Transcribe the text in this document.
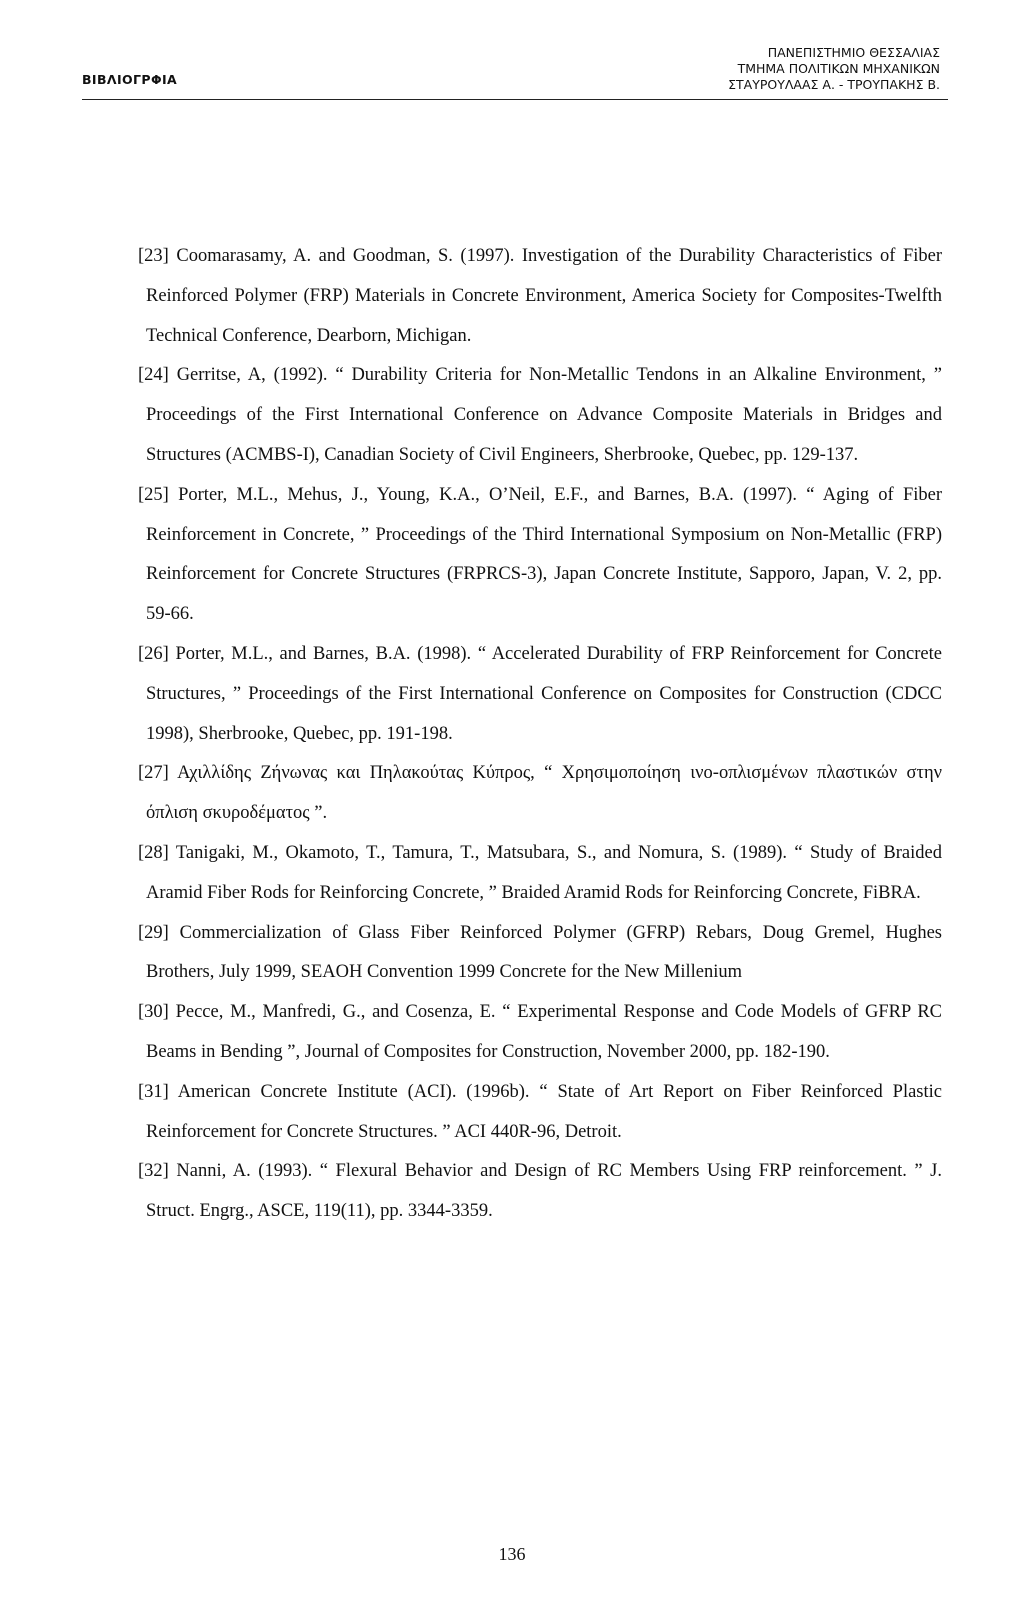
ΒΙΒΛΙΟΓΡΦΙΑ
ΠΑΝΕΠΙΣΤΗΜΙΟ ΘΕΣΣΑΛΙΑΣ
ΤΜΗΜΑ ΠΟΛΙΤΙΚΩΝ ΜΗΧΑΝΙΚΩΝ
ΣΤΑΥΡΟΥΛΑΑΣ Α. - ΤΡΟΥΠΑΚΗΣ Β.

[23] Coomarasamy, A. and Goodman, S. (1997). Investigation of the Durability Characteristics of Fiber Reinforced Polymer (FRP) Materials in Concrete Environment, America Society for Composites-Twelfth Technical Conference, Dearborn, Michigan.

[24] Gerritse, A, (1992). “ Durability Criteria for Non-Metallic Tendons in an Alkaline Environment, ” Proceedings of the First International Conference on Advance Composite Materials in Bridges and Structures (ACMBS-I), Canadian Society of Civil Engineers, Sherbrooke, Quebec, pp. 129-137.

[25] Porter, M.L., Mehus, J., Young, K.A., O’Neil, E.F., and Barnes, B.A. (1997). “ Aging of Fiber Reinforcement in Concrete, ” Proceedings of the Third International Symposium on Non-Metallic (FRP) Reinforcement for Concrete Structures (FRPRCS-3), Japan Concrete Institute, Sapporo, Japan, V. 2, pp. 59-66.

[26] Porter, M.L., and Barnes, B.A. (1998). “ Accelerated Durability of FRP Reinforcement for Concrete Structures, ” Proceedings of the First International Conference on Composites for Construction (CDCC 1998), Sherbrooke, Quebec, pp. 191-198.

[27] Αχιλλίδης Ζήνωνας και Πηλακούτας Κύπρος, “ Χρησιμοποίηση ινο-οπλισμένων πλαστικών στην όπλιση σκυροδέματος ”.

[28] Tanigaki, M., Okamoto, T., Tamura, T., Matsubara, S., and Nomura, S. (1989). “ Study of Braided Aramid Fiber Rods for Reinforcing Concrete, ” Braided Aramid Rods for Reinforcing Concrete, FiBRA.

[29] Commercialization of Glass Fiber Reinforced Polymer (GFRP) Rebars, Doug Gremel, Hughes Brothers, July 1999, SEAOH Convention 1999 Concrete for the New Millenium

[30] Pecce, M., Manfredi, G., and Cosenza, E. “ Experimental Response and Code Models of GFRP RC Beams in Bending ”, Journal of Composites for Construction, November 2000, pp. 182-190.

[31] American Concrete Institute (ACI). (1996b). “ State of Art Report on Fiber Reinforced Plastic Reinforcement for Concrete Structures. ” ACI 440R-96, Detroit.

[32] Nanni, A. (1993). “ Flexural Behavior and Design of RC Members Using FRP reinforcement. ” J. Struct. Engrg., ASCE, 119(11), pp. 3344-3359.

136
